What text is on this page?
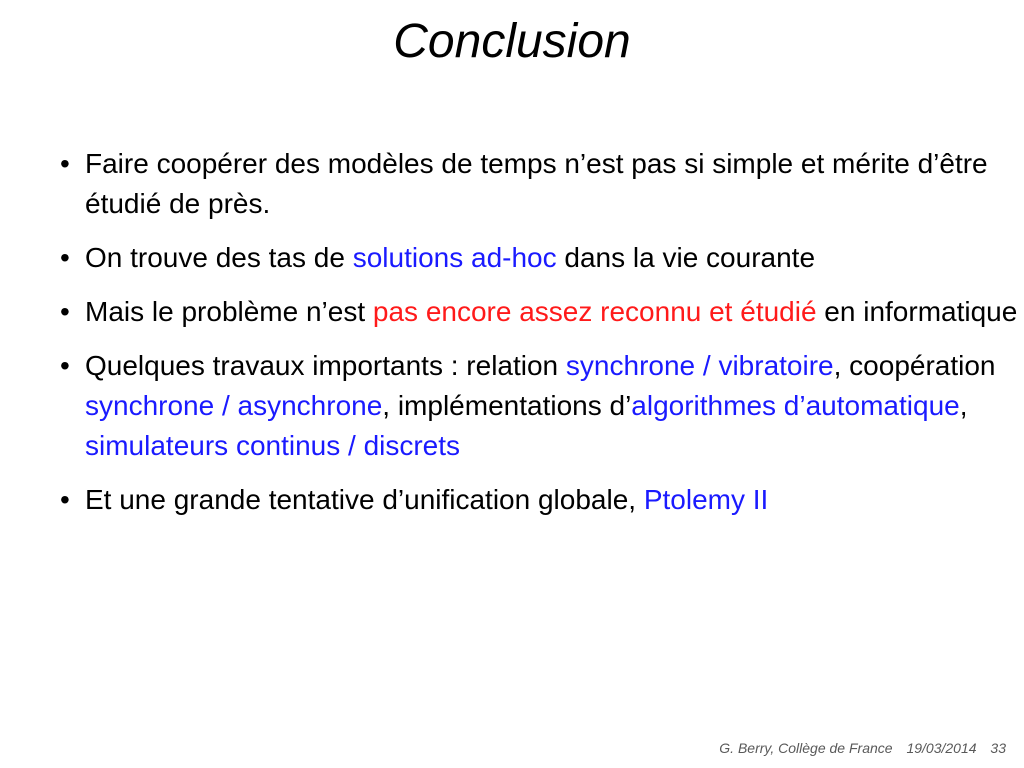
Conclusion
• Faire coopérer des modèles de temps n’est pas si simple et mérite d’être étudié de près.
• On trouve des tas de solutions ad-hoc dans la vie courante
• Mais le problème n’est pas encore assez reconnu et étudié en informatique
• Quelques travaux importants : relation synchrone / vibratoire, coopération synchrone / asynchrone, implémentations d’algorithmes d’automatique, simulateurs continus / discrets
• Et une grande tentative d’unification globale, Ptolemy II
G. Berry, Collège de France 19/03/2014 33
